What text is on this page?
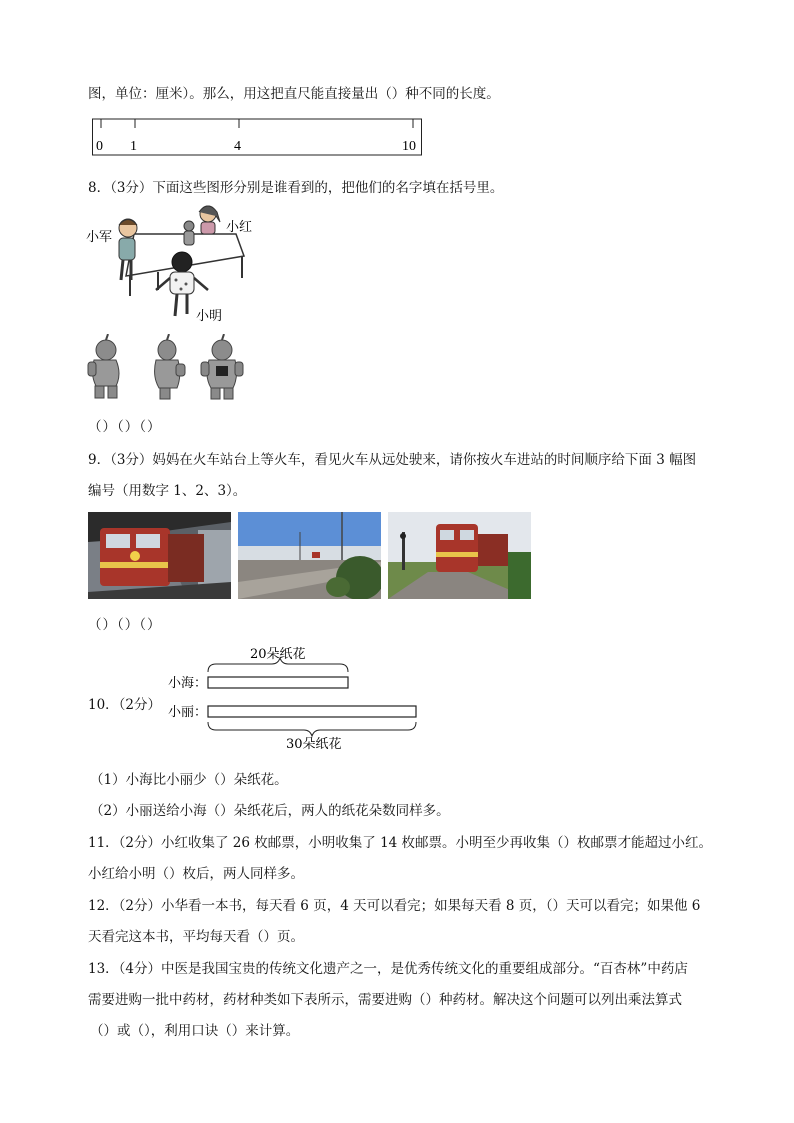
图，单位：厘米）。那么，用这把直尺能直接量出（）种不同的长度。
0 1	4	10
8．（3分）下面这些图形分别是谁看到的，把他们的名字填在括号里。
小军
小红
小明
（）（）（）
9．（3分）妈妈在火车站台上等火车，看见火车从远处驶来，请你按火车进站的时间顺序给下面 3 幅图
编号（用数字 1、2、3）。
（）（）（）
10．（2分）
20朵纸花
小海：
小丽：
30朵纸花
（1）小海比小丽少（）朵纸花。
（2）小丽送给小海（）朵纸花后，两人的纸花朵数同样多。
11．（2分）小红收集了 26 枚邮票，小明收集了 14 枚邮票。小明至少再收集（）枚邮票才能超过小红。
小红给小明（）枚后，两人同样多。
12．（2分）小华看一本书，每天看 6 页，4 天可以看完；如果每天看 8 页，（）天可以看完；如果他 6
天看完这本书，平均每天看（）页。
13．（4分）中医是我国宝贵的传统文化遗产之一，是优秀传统文化的重要组成部分。“百杏林”中药店
需要进购一批中药材，药材种类如下表所示，需要进购（）种药材。解决这个问题可以列出乘法算式
（）或（），利用口诀（）来计算。
